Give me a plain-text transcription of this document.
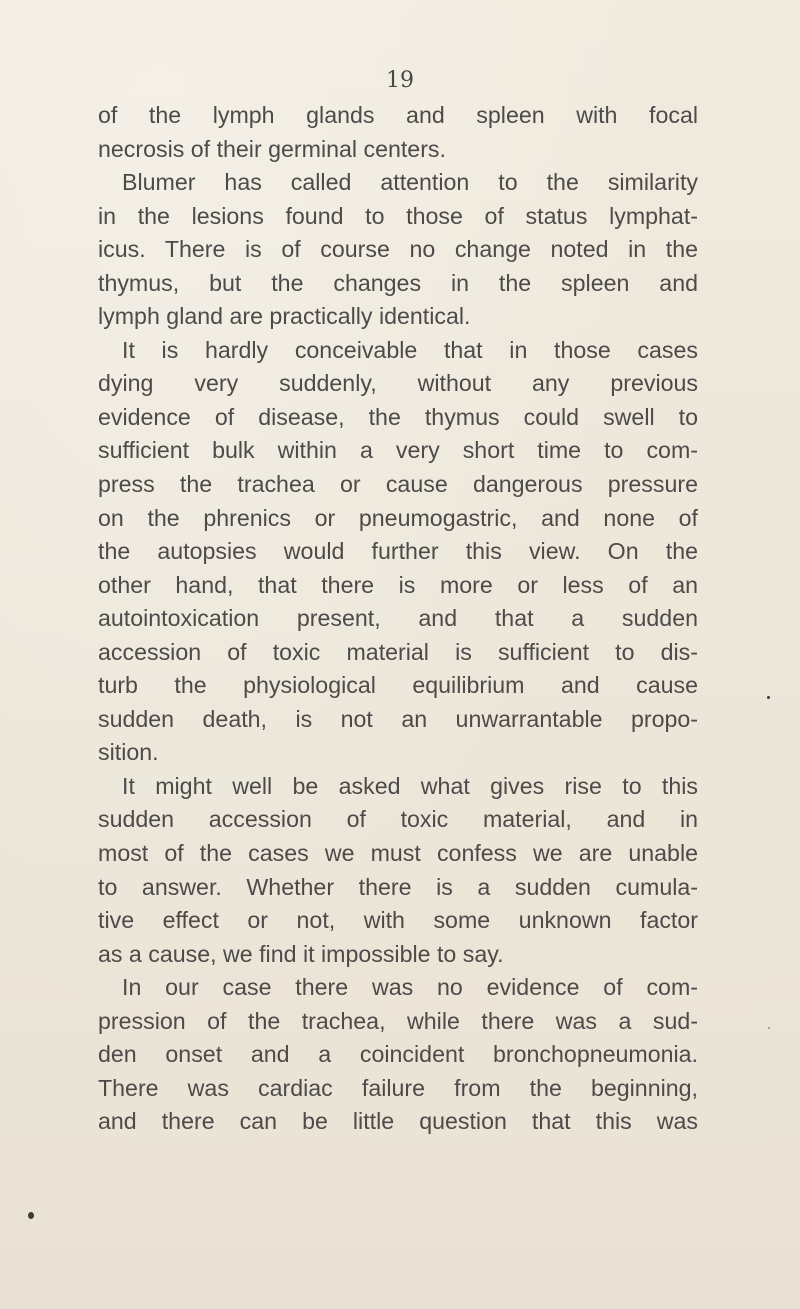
19
of the lymph glands and spleen with focal
necrosis of their germinal centers.
Blumer has called attention to the similarity
in the lesions found to those of status lymphat-
icus. There is of course no change noted in the
thymus, but the changes in the spleen and
lymph gland are practically identical.
It is hardly conceivable that in those cases
dying very suddenly, without any previous
evidence of disease, the thymus could swell to
sufficient bulk within a very short time to com-
press the trachea or cause dangerous pressure
on the phrenics or pneumogastric, and none of
the autopsies would further this view. On the
other hand, that there is more or less of an
autointoxication present, and that a sudden
accession of toxic material is sufficient to dis-
turb the physiological equilibrium and cause
sudden death, is not an unwarrantable propo-
sition.
It might well be asked what gives rise to this
sudden accession of toxic material, and in
most of the cases we must confess we are unable
to answer. Whether there is a sudden cumula-
tive effect or not, with some unknown factor
as a cause, we find it impossible to say.
In our case there was no evidence of com-
pression of the trachea, while there was a sud-
den onset and a coincident bronchopneumonia.
There was cardiac failure from the beginning,
and there can be little question that this was
